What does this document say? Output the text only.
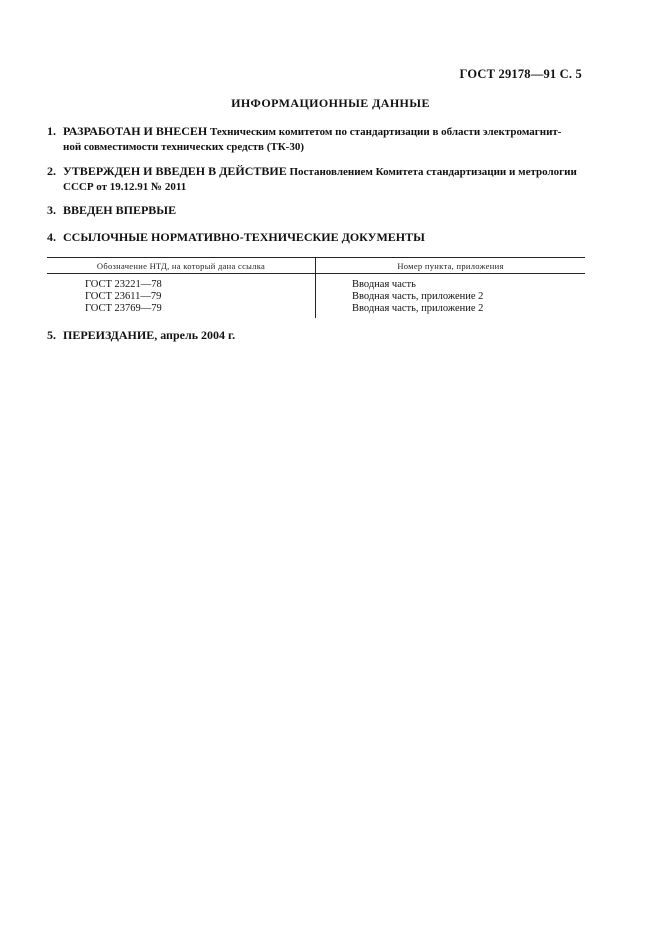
ГОСТ 29178—91 С. 5
ИНФОРМАЦИОННЫЕ ДАННЫЕ
1. РАЗРАБОТАН И ВНЕСЕН Техническим комитетом по стандартизации в области электромагнит-
ной совместимости технических средств (ТК-30)
2. УТВЕРЖДЕН И ВВЕДЕН В ДЕЙСТВИЕ Постановлением Комитета стандартизации и метрологии
СССР от 19.12.91 № 2011
3. ВВЕДЕН ВПЕРВЫЕ
4. ССЫЛОЧНЫЕ НОРМАТИВНО-ТЕХНИЧЕСКИЕ ДОКУМЕНТЫ
Обозначение НТД, на который дана ссылка	Номер пункта, приложения
ГОСТ 23221—78
ГОСТ 23611—79
ГОСТ 23769—79
Вводная часть
Вводная часть, приложение 2
Вводная часть, приложение 2
5. ПЕРЕИЗДАНИЕ, апрель 2004 г.
